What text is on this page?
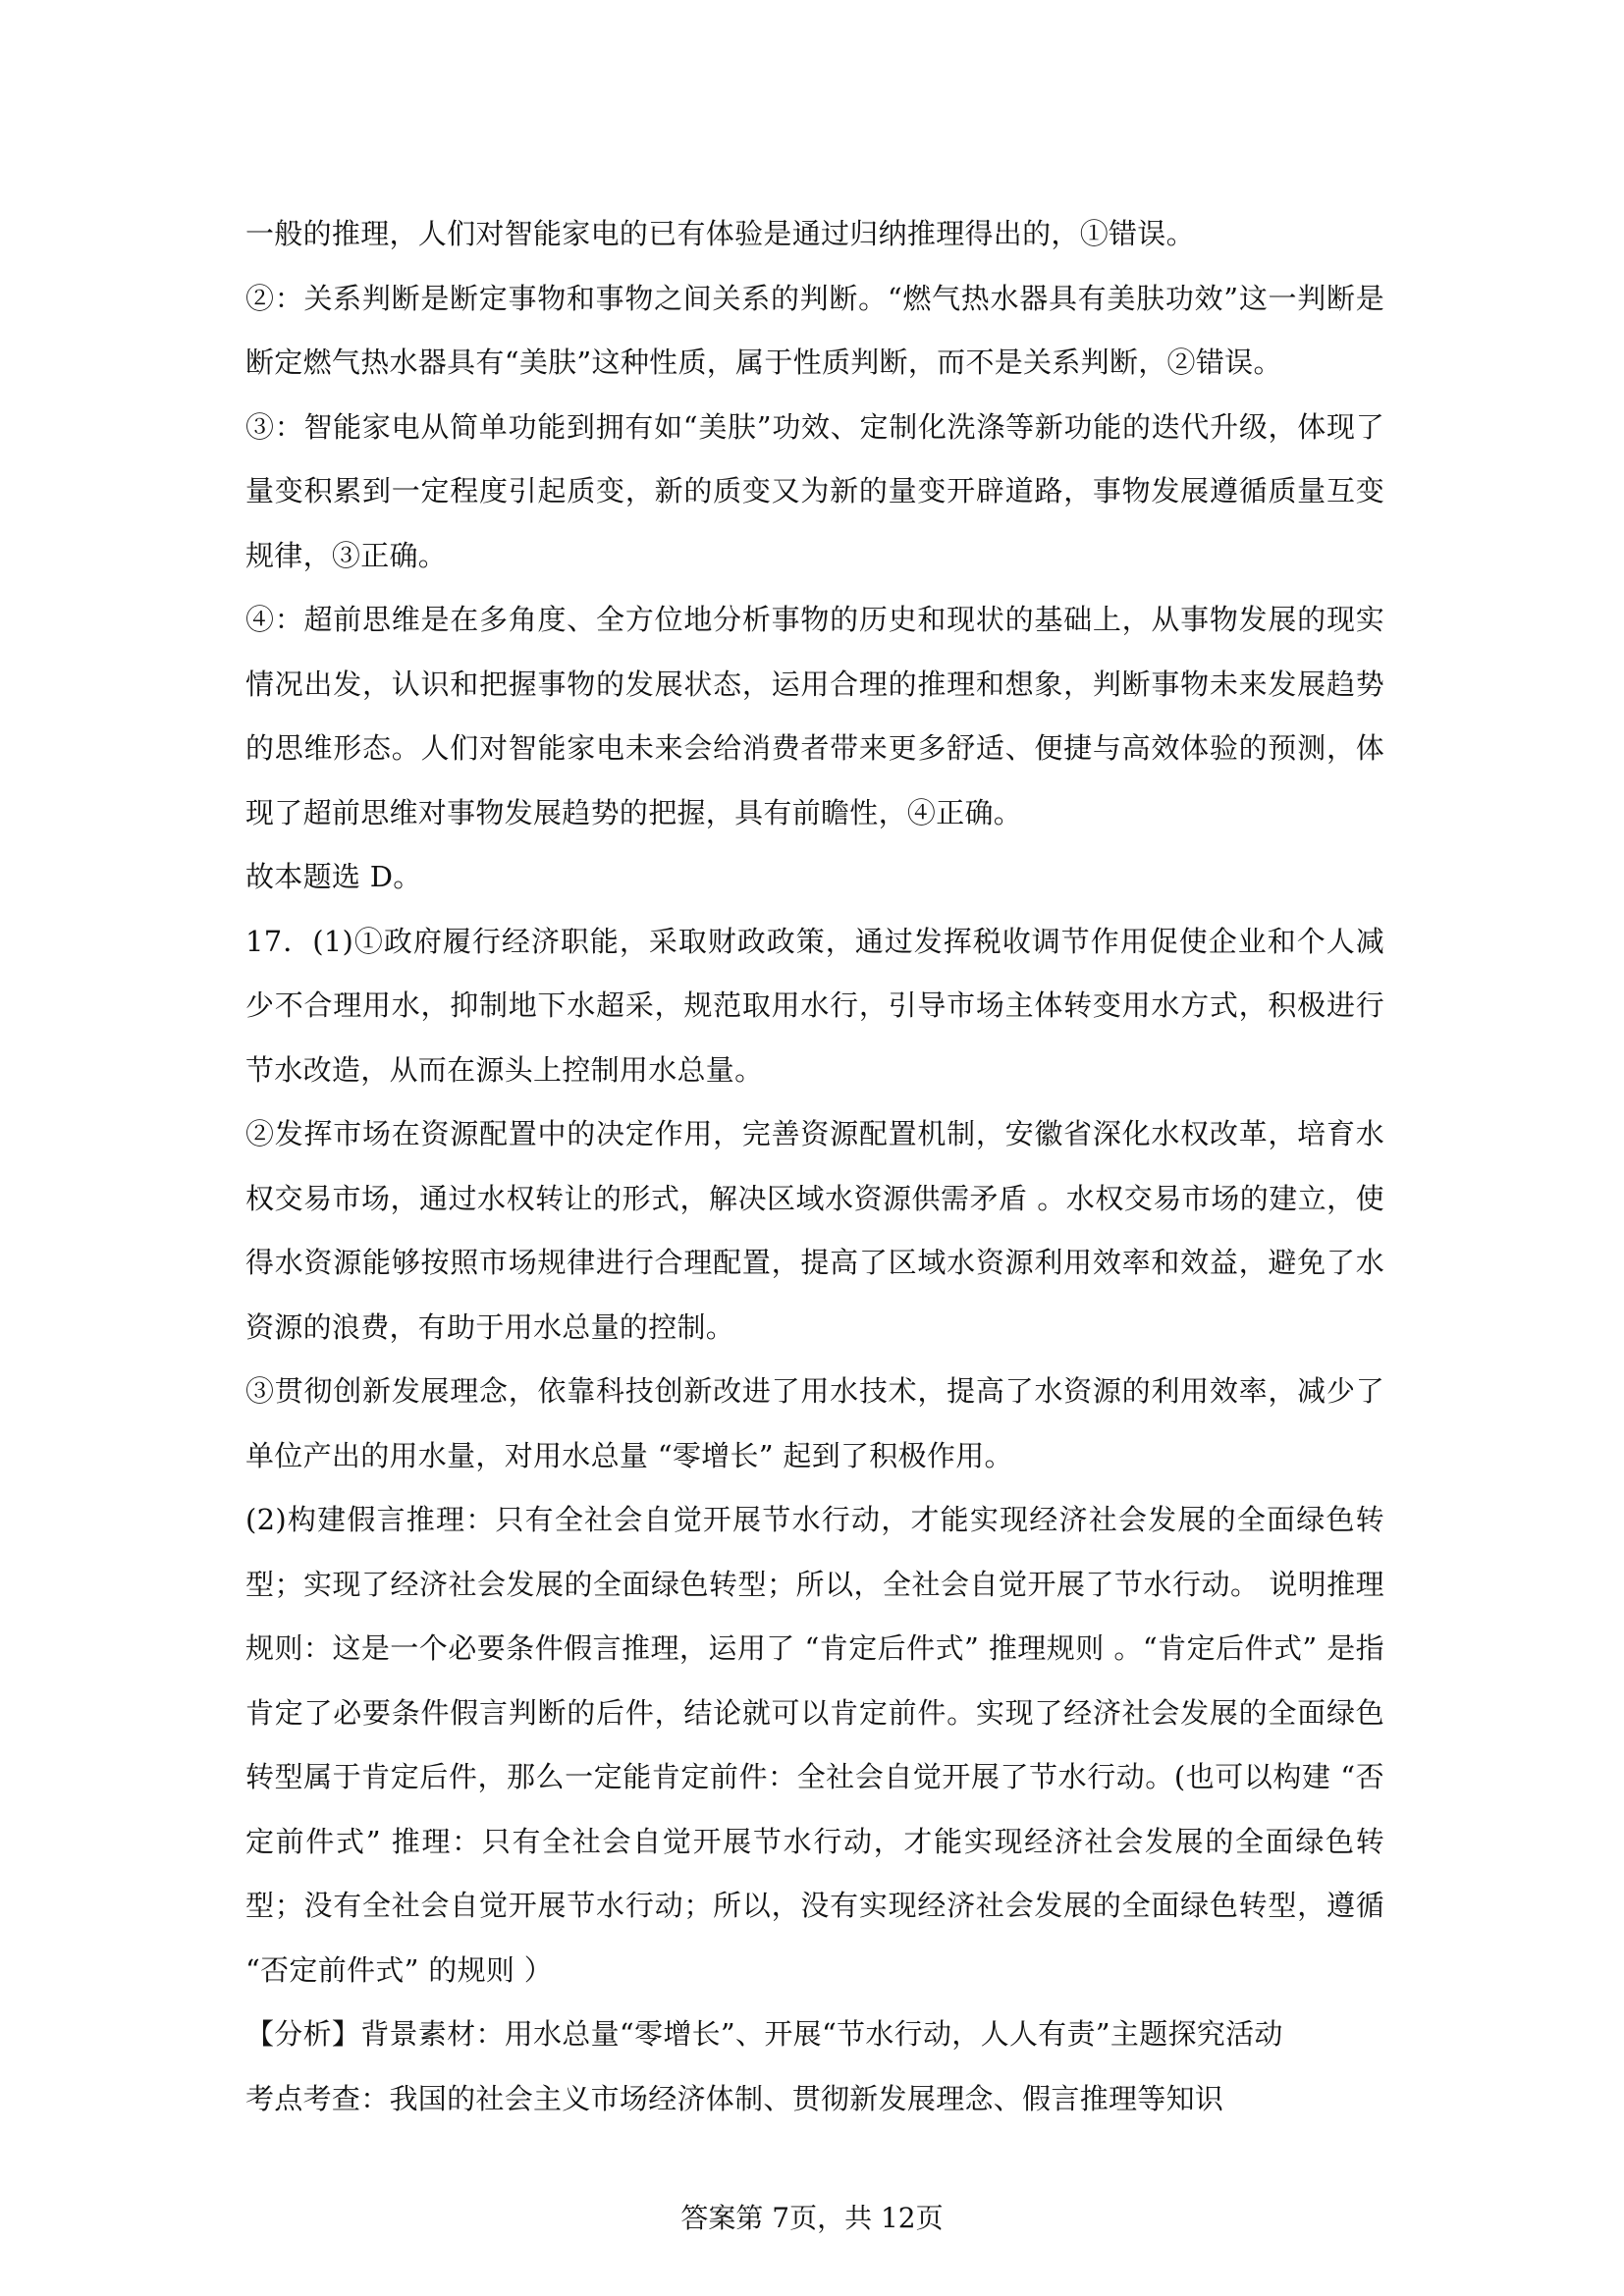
一般的推理，人们对智能家电的已有体验是通过归纳推理得出的，①错误。

②：关系判断是断定事物和事物之间关系的判断。“燃气热水器具有美肤功效”这一判断是断定燃气热水器具有“美肤”这种性质，属于性质判断，而不是关系判断，②错误。

③：智能家电从简单功能到拥有如“美肤”功效、定制化洗涤等新功能的迭代升级，体现了量变积累到一定程度引起质变，新的质变又为新的量变开辟道路，事物发展遵循质量互变规律，③正确。

④：超前思维是在多角度、全方位地分析事物的历史和现状的基础上，从事物发展的现实情况出发，认识和把握事物的发展状态，运用合理的推理和想象，判断事物未来发展趋势的思维形态。人们对智能家电未来会给消费者带来更多舒适、便捷与高效体验的预测，体现了超前思维对事物发展趋势的把握，具有前瞻性，④正确。

故本题选 D。

17．(1)①政府履行经济职能，采取财政政策，通过发挥税收调节作用促使企业和个人减少不合理用水，抑制地下水超采，规范取用水行，引导市场主体转变用水方式，积极进行节水改造，从而在源头上控制用水总量。

②发挥市场在资源配置中的决定作用，完善资源配置机制，安徽省深化水权改革，培育水权交易市场，通过水权转让的形式，解决区域水资源供需矛盾 。水权交易市场的建立，使得水资源能够按照市场规律进行合理配置，提高了区域水资源利用效率和效益，避免了水资源的浪费，有助于用水总量的控制。

③贯彻创新发展理念，依靠科技创新改进了用水技术，提高了水资源的利用效率，减少了单位产出的用水量，对用水总量 “零增长” 起到了积极作用。

(2)构建假言推理：只有全社会自觉开展节水行动，才能实现经济社会发展的全面绿色转型；实现了经济社会发展的全面绿色转型；所以，全社会自觉开展了节水行动。 说明推理规则：这是一个必要条件假言推理，运用了 “肯定后件式” 推理规则 。“肯定后件式” 是指肯定了必要条件假言判断的后件，结论就可以肯定前件。实现了经济社会发展的全面绿色转型属于肯定后件，那么一定能肯定前件：全社会自觉开展了节水行动。(也可以构建 “否定前件式” 推理：只有全社会自觉开展节水行动，才能实现经济社会发展的全面绿色转型；没有全社会自觉开展节水行动；所以，没有实现经济社会发展的全面绿色转型，遵循 “否定前件式” 的规则 ）

【分析】背景素材：用水总量“零增长”、开展“节水行动，人人有责”主题探究活动

考点考查：我国的社会主义市场经济体制、贯彻新发展理念、假言推理等知识

答案第 7页，共 12页
